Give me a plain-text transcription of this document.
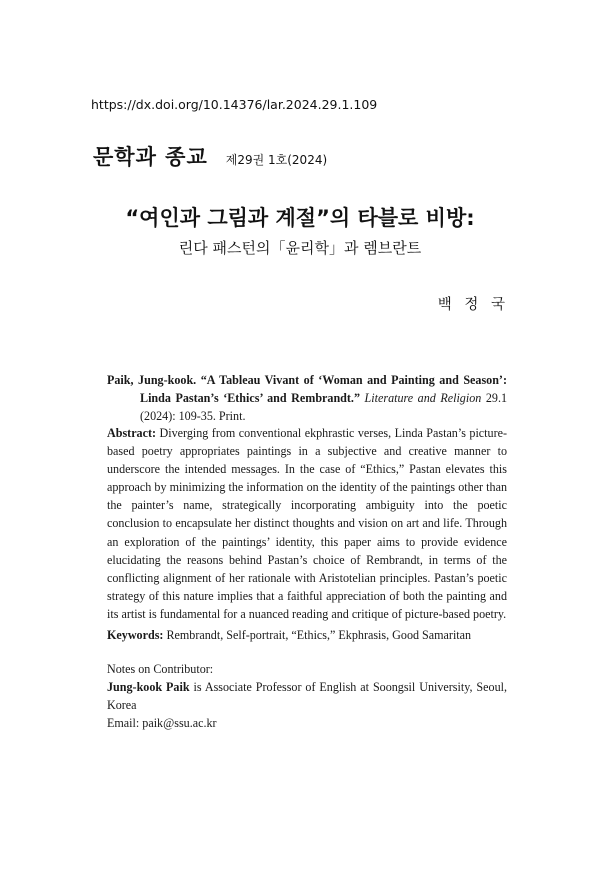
https://dx.doi.org/10.14376/lar.2024.29.1.109
문학과 종교 제29권 1호(2024)
“여인과 그림과 계절”의 타블로 비방:
린다 패스턴의「윤리학」과 렘브란트
백 정 국
Paik, Jung-kook. “A Tableau Vivant of ‘Woman and Painting and Season’: Linda Pastan’s ‘Ethics’ and Rembrandt.” Literature and Religion 29.1 (2024): 109-35. Print.
Abstract: Diverging from conventional ekphrastic verses, Linda Pastan’s picture-based poetry appropriates paintings in a subjective and creative manner to underscore the intended messages. In the case of “Ethics,” Pastan elevates this approach by minimizing the information on the identity of the paintings other than the painter’s name, strategically incorporating ambiguity into the poetic conclusion to encapsulate her distinct thoughts and vision on art and life. Through an exploration of the paintings’ identity, this paper aims to provide evidence elucidating the reasons behind Pastan’s choice of Rembrandt, in terms of the conflicting alignment of her rationale with Aristotelian principles. Pastan’s poetic strategy of this nature implies that a faithful appreciation of both the painting and its artist is fundamental for a nuanced reading and critique of picture-based poetry.
Keywords: Rembrandt, Self-portrait, “Ethics,” Ekphrasis, Good Samaritan
Notes on Contributor:
Jung-kook Paik is Associate Professor of English at Soongsil University, Seoul, Korea
Email: paik@ssu.ac.kr
